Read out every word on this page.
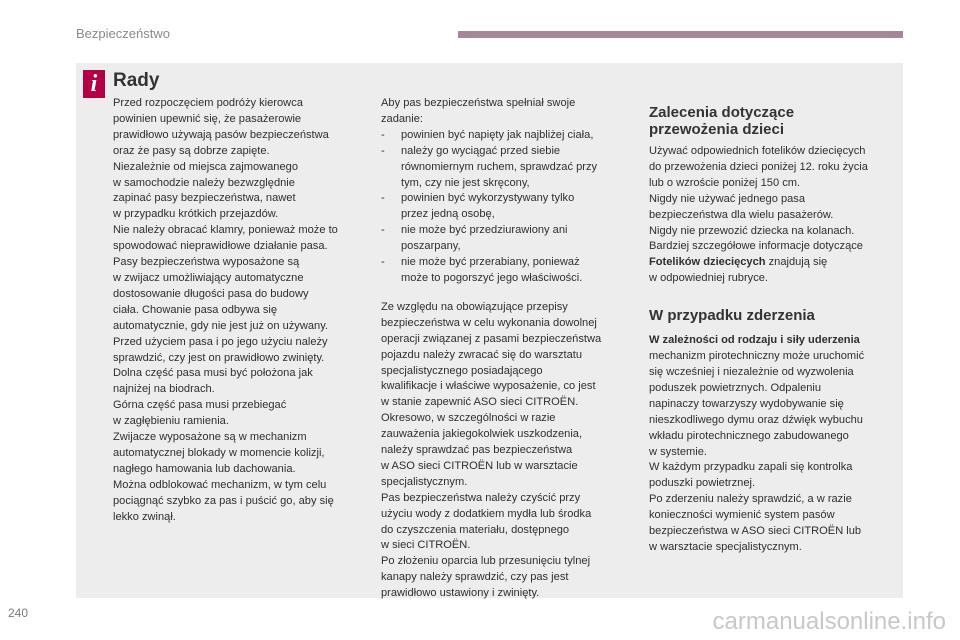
Bezpieczeństwo
i Rady

Przed rozpoczęciem podróży kierowca

powinien upewnić się, że pasażerowie

prawidłowo używają pasów bezpieczeństwa

oraz że pasy są dobrze zapięte.

Niezależnie od miejsca zajmowanego

w samochodzie należy bezwzględnie

zapinać pasy bezpieczeństwa, nawet

w przypadku krótkich przejazdów.

Nie należy obracać klamry, ponieważ może to

spowodować nieprawidłowe działanie pasa.

Pasy bezpieczeństwa wyposażone są

w zwijacz umożliwiający automatyczne

dostosowanie długości pasa do budowy

ciała. Chowanie pasa odbywa się

automatycznie, gdy nie jest już on używany.

Przed użyciem pasa i po jego użyciu należy

sprawdzić, czy jest on prawidłowo zwinięty.

Dolna część pasa musi być położona jak

najniżej na biodrach.

Górna część pasa musi przebiegać

w zagłębieniu ramienia.

Zwijacze wyposażone są w mechanizm

automatycznej blokady w momencie kolizji,

nagłego hamowania lub dachowania.

Można odblokować mechanizm, w tym celu

pociągnąć szybko za pas i puścić go, aby się

lekko zwinął.

Aby pas bezpieczeństwa spełniał swoje

zadanie:

-	powinien być napięty jak najbliżej ciała,

-	należy go wyciągać przed siebie

równomiernym ruchem, sprawdzać przy

tym, czy nie jest skręcony,

-	powinien być wykorzystywany tylko

przez jedną osobę,

-	nie może być przedziurawiony ani

poszarpany,

-	nie może być przerabiany, ponieważ

może to pogorszyć jego właściwości.

Ze względu na obowiązujące przepisy

bezpieczeństwa w celu wykonania dowolnej

operacji związanej z pasami bezpieczeństwa

pojazdu należy zwracać się do warsztatu

specjalistycznego posiadającego

kwalifikacje i właściwe wyposażenie, co jest

w stanie zapewnić ASO sieci CITROËN.

Okresowo, w szczególności w razie

zauważenia jakiegokolwiek uszkodzenia,

należy sprawdzać pas bezpieczeństwa

w ASO sieci CITROËN lub w warsztacie

specjalistycznym.

Pas bezpieczeństwa należy czyścić przy

użyciu wody z dodatkiem mydła lub środka

do czyszczenia materiału, dostępnego

w sieci CITROËN.

Po złożeniu oparcia lub przesunięciu tylnej

kanapy należy sprawdzić, czy pas jest

prawidłowo ustawiony i zwinięty.

Zalecenia dotyczące
przewożenia dzieci

Używać odpowiednich fotelików dziecięcych

do przewożenia dzieci poniżej 12. roku życia

lub o wzroście poniżej 150 cm.

Nigdy nie używać jednego pasa

bezpieczeństwa dla wielu pasażerów.

Nigdy nie przewozić dziecka na kolanach.

Bardziej szczegółowe informacje dotyczące

Fotelików dziecięcych znajdują się

w odpowiedniej rubryce.

W przypadku zderzenia

W zależności od rodzaju i siły uderzenia

mechanizm pirotechniczny może uruchomić

się wcześniej i niezależnie od wyzwolenia

poduszek powietrznych. Odpaleniu

napinaczy towarzyszy wydobywanie się

nieszkodliwego dymu oraz dźwięk wybuchu

wkładu pirotechnicznego zabudowanego

w systemie.

W każdym przypadku zapali się kontrolka

poduszki powietrznej.

Po zderzeniu należy sprawdzić, a w razie

konieczności wymienić system pasów

bezpieczeństwa w ASO sieci CITROËN lub

w warsztacie specjalistycznym.

240	carmanualsonline.info
